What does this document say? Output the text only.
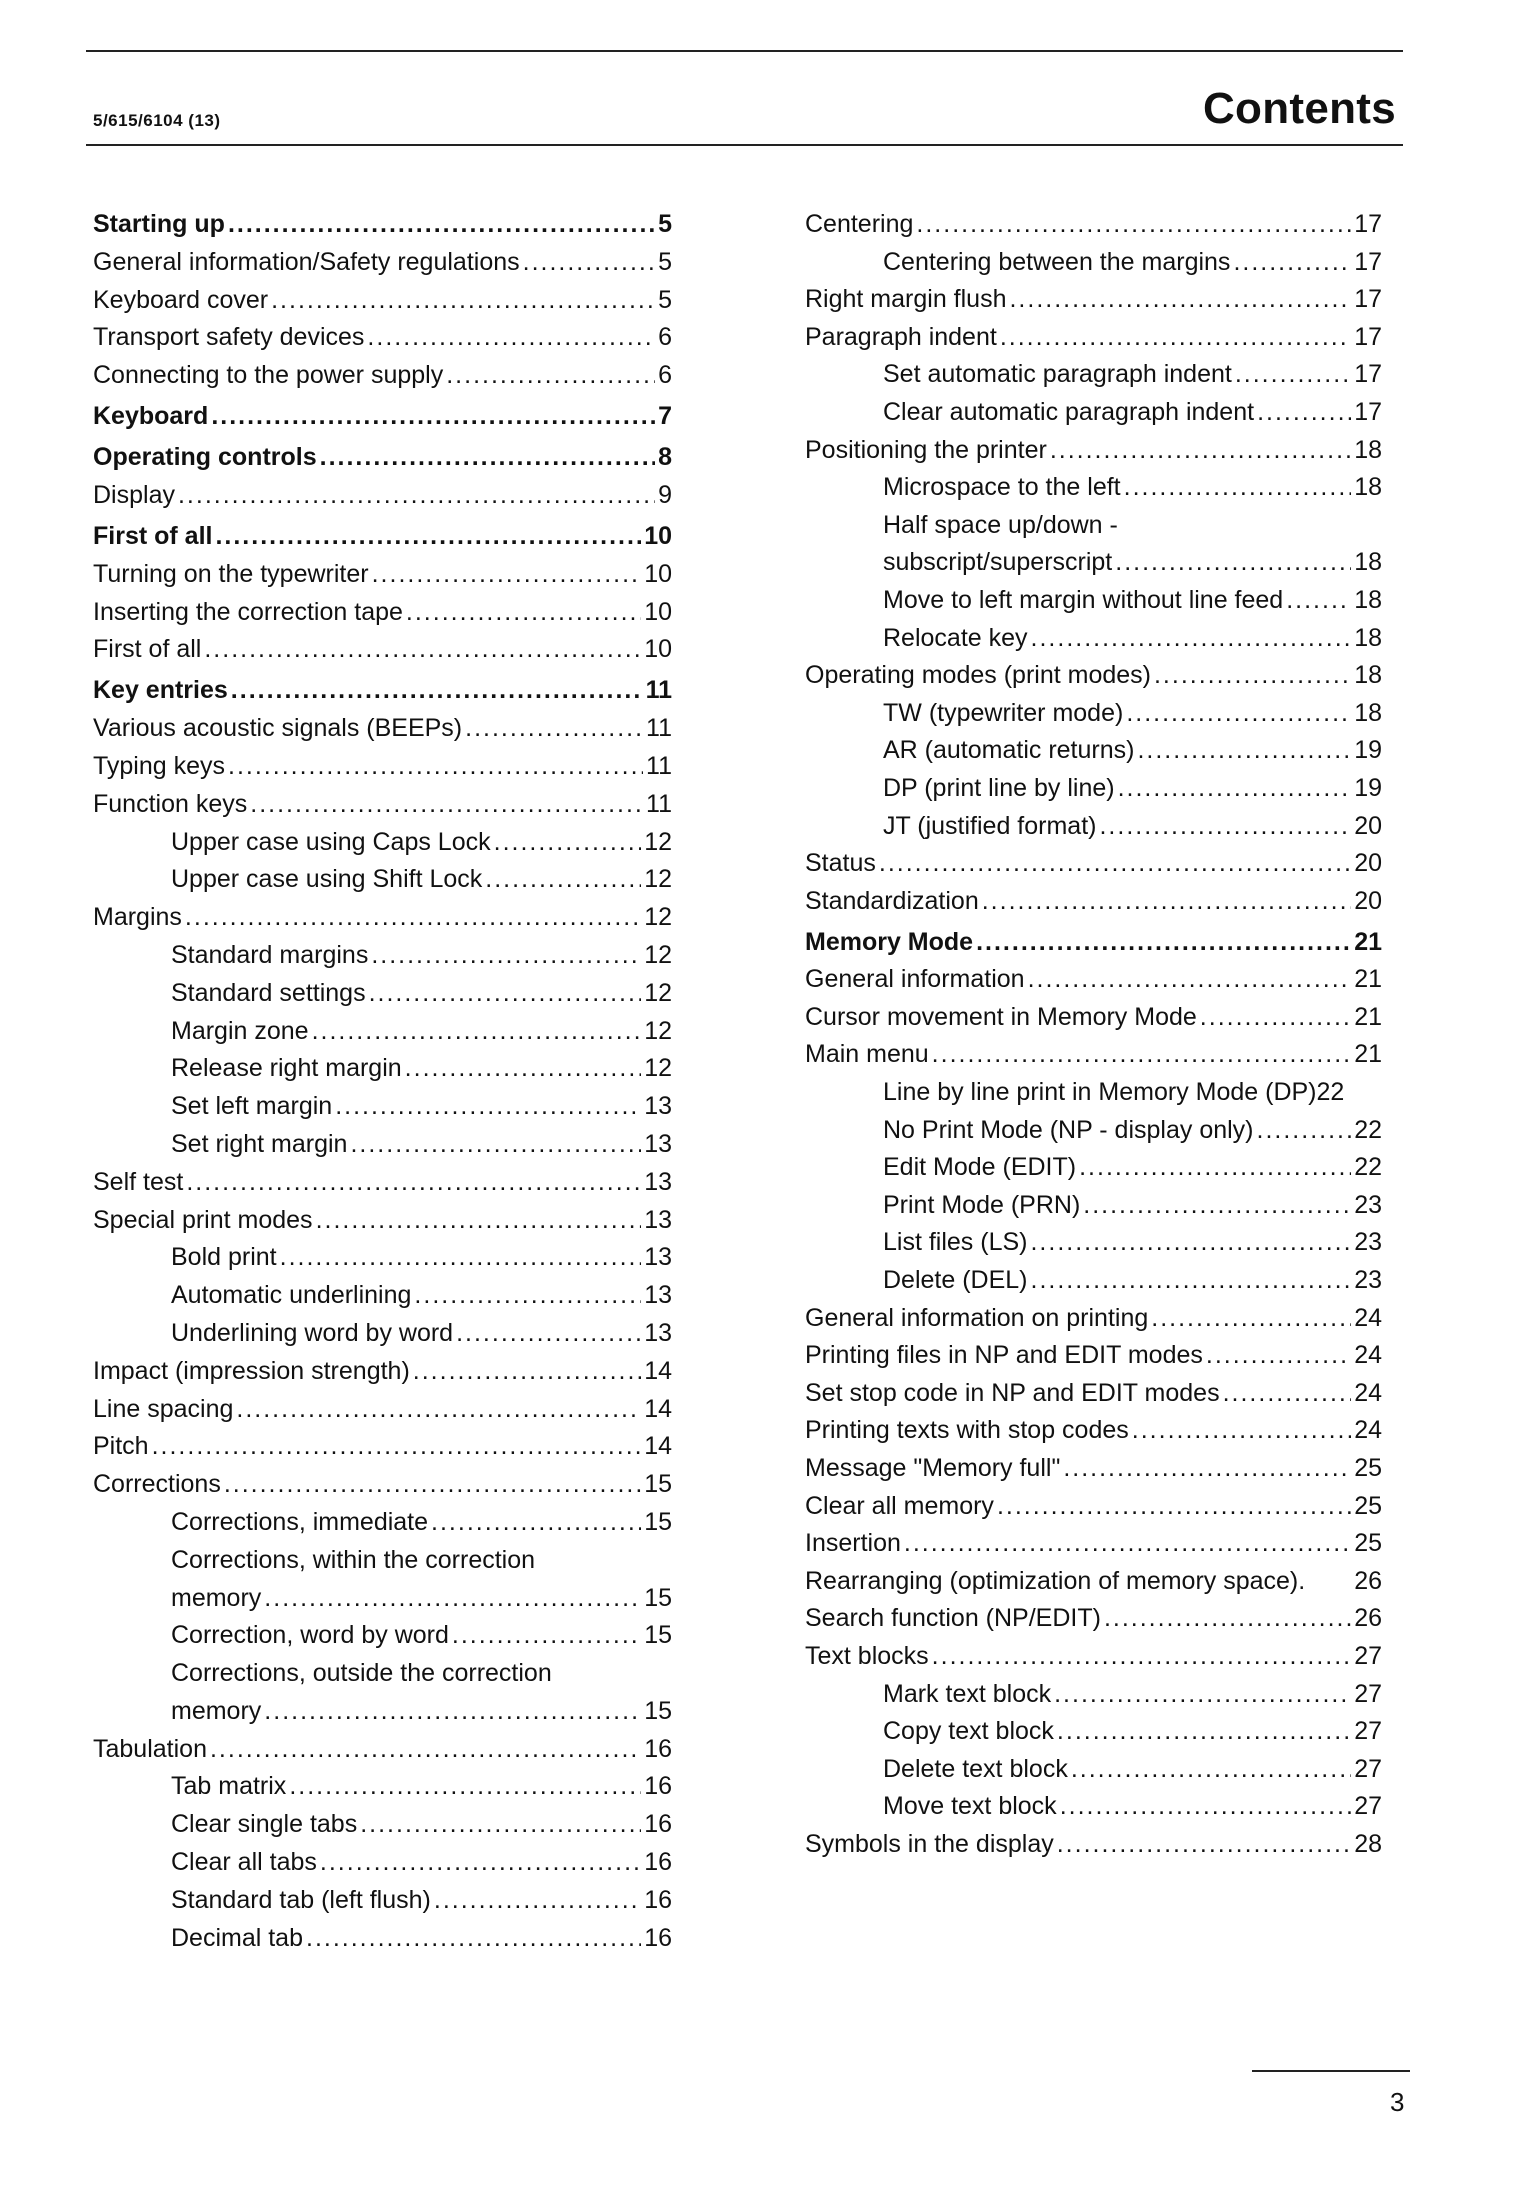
5/615/6104 (13)	Contents
Starting up .....	5
General information/Safety regulations .....	5
Keyboard cover .....	5
Transport safety devices .....	6
Connecting to the power supply .....	6
Keyboard .....	7
Operating controls .....	8
Display .....	9
First of all .....	10
Turning on the typewriter .....	10
Inserting the correction tape .....	10
First of all .....	10
Key entries .....	11
Various acoustic signals (BEEPs) .....	11
Typing keys .....	11
Function keys .....	11
Upper case using Caps Lock .....	12
Upper case using Shift Lock .....	12
Margins .....	12
Standard margins .....	12
Standard settings .....	12
Margin zone .....	12
Release right margin .....	12
Set left margin .....	13
Set right margin .....	13
Self test .....	13
Special print modes .....	13
Bold print .....	13
Automatic underlining .....	13
Underlining word by word .....	13
Impact (impression strength) .....	14
Line spacing .....	14
Pitch .....	14
Corrections .....	15
Corrections, immediate .....	15
Corrections, within the correction
memory .....	15
Correction, word by word .....	15
Corrections, outside the correction
memory .....	15
Tabulation .....	16
Tab matrix .....	16
Clear single tabs .....	16
Clear all tabs .....	16
Standard tab (left flush) .....	16
Decimal tab .....	16
Centering .....	17
Centering between the margins .....	17
Right margin flush .....	17
Paragraph indent .....	17
Set automatic paragraph indent .....	17
Clear automatic paragraph indent .....	17
Positioning the printer .....	18
Microspace to the left .....	18
Half space up/down -
subscript/superscript .....	18
Move to left margin without line feed .....	18
Relocate key .....	18
Operating modes (print modes) .....	18
TW (typewriter mode) .....	18
AR (automatic returns) .....	19
DP (print line by line) .....	19
JT (justified format) .....	20
Status .....	20
Standardization .....	20
Memory Mode .....	21
General information .....	21
Cursor movement in Memory Mode .....	21
Main menu .....	21
Line by line print in Memory Mode (DP)22
No Print Mode (NP - display only) .....	22
Edit Mode (EDIT) .....	22
Print Mode (PRN) .....	23
List files (LS) .....	23
Delete (DEL) .....	23
General information on printing .....	24
Printing files in NP and EDIT modes .....	24
Set stop code in NP and EDIT modes .....	24
Printing texts with stop codes .....	24
Message "Memory full" .....	25
Clear all memory .....	25
Insertion .....	25
Rearranging (optimization of memory space). 26
Search function (NP/EDIT) .....	26
Text blocks .....	27
Mark text block .....	27
Copy text block .....	27
Delete text block .....	27
Move text block .....	27
Symbols in the display .....	28
3
